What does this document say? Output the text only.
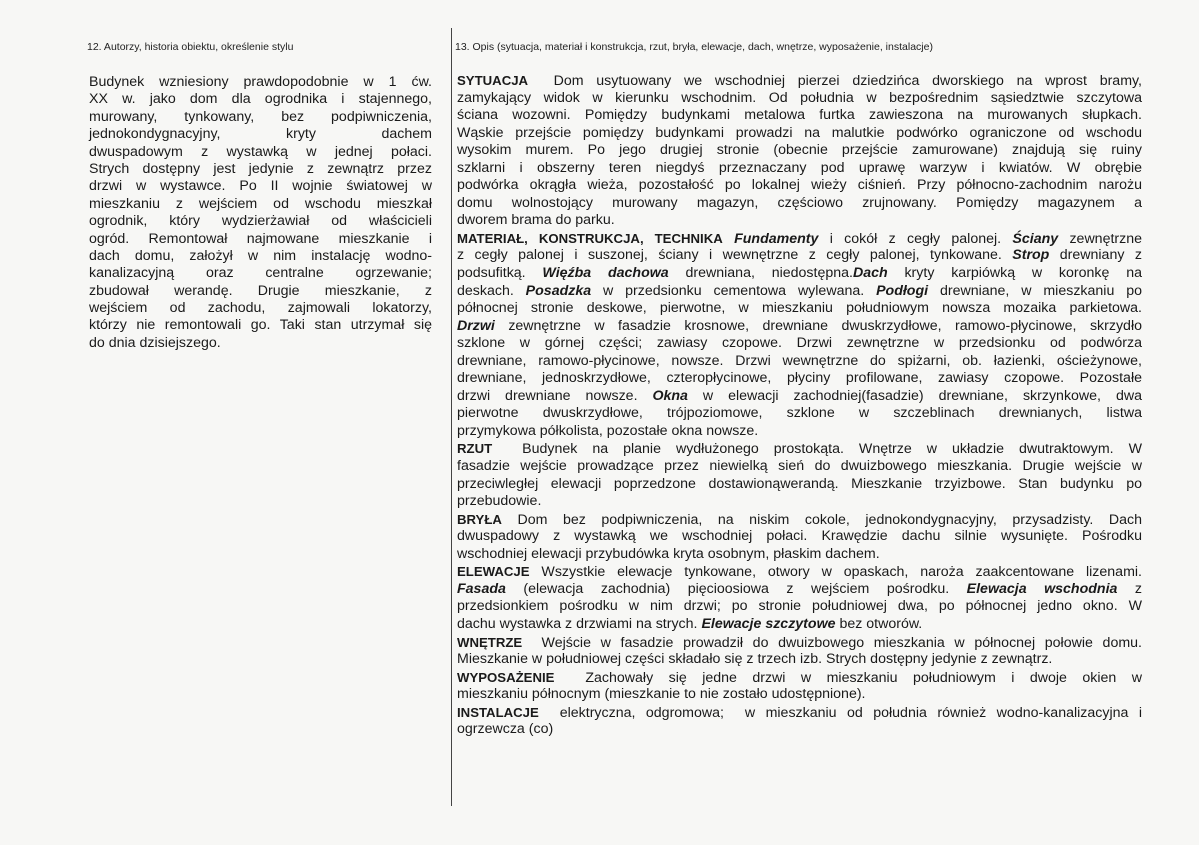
12. Autorzy, historia obiektu, określenie stylu	13. Opis (sytuacja, materiał i konstrukcja, rzut, bryła, elewacje, dach, wnętrze, wyposażenie, instalacje)
Budynek wzniesiony prawdopodobnie w 1 ćw.
XX w. jako dom dla ogrodnika i stajennego,
murowany, tynkowany, bez podpiwniczenia,
jednokondygnacyjny, kryty dachem
dwuspadowym z wystawką w jednej połaci.
Strych dostępny jest jedynie z zewnątrz przez
drzwi w wystawce. Po II wojnie światowej w
mieszkaniu z wejściem od wschodu mieszkał
ogrodnik, który wydzierżawiał od właścicieli
ogród. Remontował najmowane mieszkanie i
dach domu, założył w nim instalację wodno-
kanalizacyjną oraz centralne ogrzewanie;
zbudował werandę. Drugie mieszkanie, z
wejściem od zachodu, zajmowali lokatorzy,
którzy nie remontowali go. Taki stan utrzymał się
do dnia dzisiejszego.
SYTUACJA  Dom usytuowany we wschodniej pierzei dziedzińca dworskiego na wprost bramy,
zamykający widok w kierunku wschodnim. Od południa w bezpośrednim sąsiedztwie szczytowa
ściana wozowni. Pomiędzy budynkami metalowa furtka zawieszona na murowanych słupkach.
Wąskie przejście pomiędzy budynkami prowadzi na malutkie podwórko ograniczone od wschodu
wysokim murem. Po jego drugiej stronie (obecnie przejście zamurowane) znajdują się ruiny
szklarni i obszerny teren niegdyś przeznaczany pod uprawę warzyw i kwiatów. W obrębie
podwórka okrągła wieża, pozostałość po lokalnej wieży ciśnień. Przy północno-zachodnim narożu
domu wolnostojący murowany magazyn, częściowo zrujnowany. Pomiędzy magazynem a
dworem brama do parku.
MATERIAŁ, KONSTRUKCJA, TECHNIKA Fundamenty i cokół z cegły palonej. Ściany zewnętrzne
z cegły palonej i suszonej, ściany i wewnętrzne z cegły palonej, tynkowane. Strop drewniany z
podsufitką. Więźba dachowa drewniana, niedostępna.Dach kryty karpiówką w koronkę na
deskach. Posadzka w przedsionku cementowa wylewana. Podłogi drewniane, w mieszkaniu po
północnej stronie deskowe, pierwotne, w mieszkaniu południowym nowsza mozaika parkietowa.
Drzwi zewnętrzne w fasadzie krosnowe, drewniane dwuskrzydłowe, ramowo-płycinowe, skrzydło
szklone w górnej części; zawiasy czopowe. Drzwi zewnętrzne w przedsionku od podwórza
drewniane, ramowo-płycinowe, nowsze. Drzwi wewnętrzne do spiżarni, ob. łazienki, ościeżynowe,
drewniane, jednoskrzydłowe, czteropłycinowe, płyciny profilowane, zawiasy czopowe. Pozostałe
drzwi drewniane nowsze. Okna w elewacji zachodniej(fasadzie) drewniane, skrzynkowe, dwa
pierwotne dwuskrzydłowe, trójpoziomowe, szklone w szczeblinach drewnianych, listwa
przymykowa półkolista, pozostałe okna nowsze.
RZUT  Budynek na planie wydłużonego prostokąta. Wnętrze w układzie dwutraktowym. W
fasadzie wejście prowadzące przez niewielką sień do dwuizbowego mieszkania. Drugie wejście w
przeciwległej elewacji poprzedzone dostawionąwerandą. Mieszkanie trzyizbowe. Stan budynku po
przebudowie.
BRYŁA Dom bez podpiwniczenia, na niskim cokole, jednokondygnacyjny, przysadzisty. Dach
dwuspadowy z wystawką we wschodniej połaci. Krawędzie dachu silnie wysunięte. Pośrodku
wschodniej elewacji przybudówka kryta osobnym, płaskim dachem.
ELEWACJE Wszystkie elewacje tynkowane, otwory w opaskach, naroża zaakcentowane lizenami.
Fasada (elewacja zachodnia) pięcioosiowa z wejściem pośrodku. Elewacja wschodnia z
przedsionkiem pośrodku w nim drzwi; po stronie południowej dwa, po północnej jedno okno. W
dachu wystawka z drzwiami na strych. Elewacje szczytowe bez otworów.
WNĘTRZE  Wejście w fasadzie prowadził do dwuizbowego mieszkania w północnej połowie domu.
Mieszkanie w południowej części składało się z trzech izb. Strych dostępny jedynie z zewnątrz.
WYPOSAŻENIE  Zachowały się jedne drzwi w mieszkaniu południowym i dwoje okien w
mieszkaniu północnym (mieszkanie to nie zostało udostępnione).
INSTALACJE  elektryczna, odgromowa;  w mieszkaniu od południa również wodno-kanalizacyjna i
ogrzewcza (co)
